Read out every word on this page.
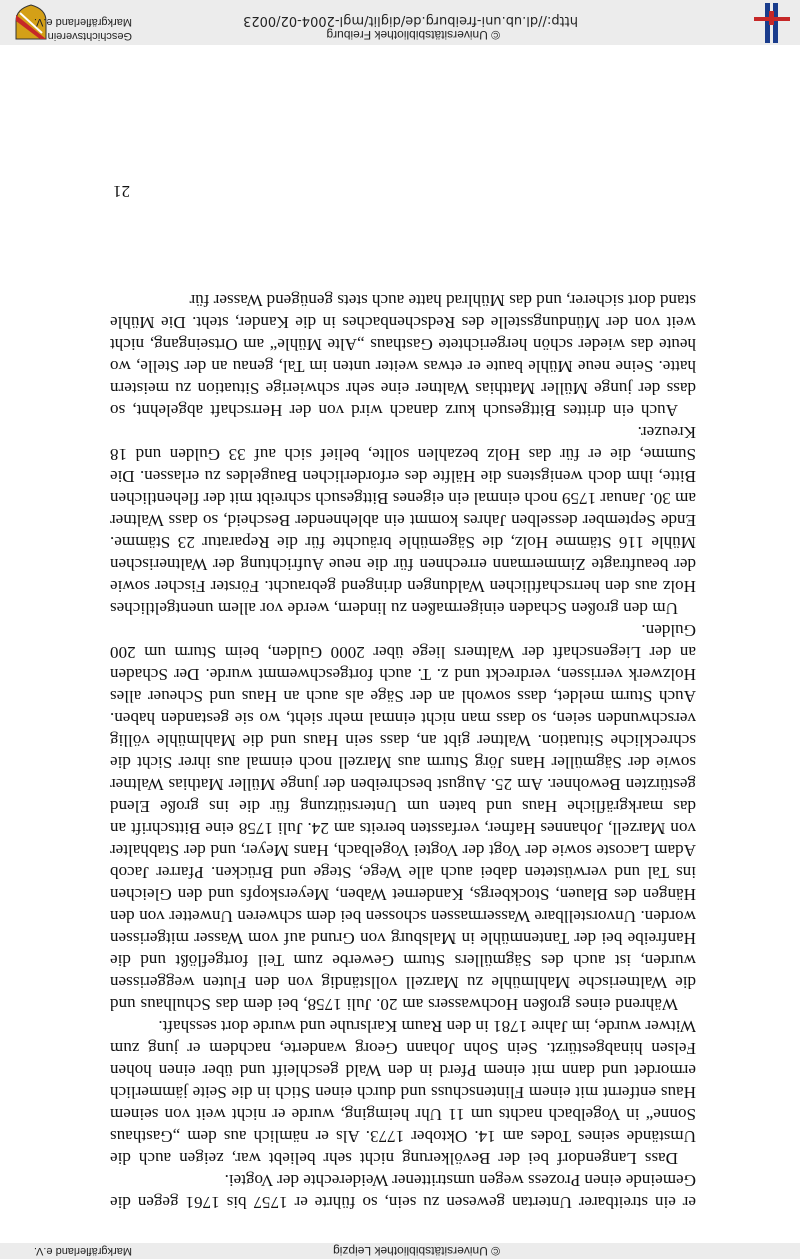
© Universitätsbibliothek Leipzig
Markgräflerland e.V.
Geschichtsverein
Markgräflerland e.V.	http://dl.ub.uni-freiburg.de/diglit/mgl-2004-02/0023
© Universitätsbibliothek Freiburg

er ein streitbarer Untertan gewesen zu sein, so führte er 1757 bis 1761 gegen die Gemeinde einen Prozess wegen umstrittener Weiderechte der Vogtei.

Dass Langendorf bei der Bevölkerung nicht sehr beliebt war, zeigen auch die Umstände seines Todes am 14. Oktober 1773. Als er nämlich aus dem „Gasthaus Sonne“ in Vogelbach nachts um 11 Uhr heimging, wurde er nicht weit von seinem Haus entfernt mit einem Flintenschuss und durch einen Stich in die Seite jämmerlich ermordet und dann mit einem Pferd in den Wald geschleift und über einen hohen Felsen hinabgestürzt. Sein Sohn Johann Georg wanderte, nachdem er jung zum Witwer wurde, im Jahre 1781 in den Raum Karlsruhe und wurde dort sesshaft.

Während eines großen Hochwassers am 20. Juli 1758, bei dem das Schulhaus und die Waltnerische Mahlmühle zu Marzell vollständig von den Fluten weggerissen wurden, ist auch des Sägmüllers Sturm Gewerbe zum Teil fortgeflößt und die Hanfreibe bei der Tantenmühle in Malsburg von Grund auf vom Wasser mitgerissen worden. Unvorstellbare Wassermassen schossen bei dem schweren Unwetter von den Hängen des Blauen, Stockbergs, Kandernet Waben, Meyerskopfs und den Gleichen ins Tal und verwüsteten dabei auch alle Wege, Stege und Brücken. Pfarrer Jacob Adam Lacoste sowie der Vogt der Vogtei Vogelbach, Hans Meyer, und der Stabhalter von Marzell, Johannes Hafner, verfassten bereits am 24. Juli 1758 eine Bittschrift an das markgräfliche Haus und baten um Unterstützung für die ins große Elend gestürzten Bewohner. Am 25. August beschreiben der junge Müller Mathias Waltner sowie der Sägmüller Hans Jörg Sturm aus Marzell noch einmal aus ihrer Sicht die schreckliche Situation. Waltner gibt an, dass sein Haus und die Mahlmühle völlig verschwunden seien, so dass man nicht einmal mehr sieht, wo sie gestanden haben. Auch Sturm meldet, dass sowohl an der Säge als auch an Haus und Scheuer alles Holzwerk verrissen, verdreckt und z. T. auch fortgeschwemmt wurde. Der Schaden an der Liegenschaft der Waltners liege über 2000 Gulden, beim Sturm um 200 Gulden.

Um den großen Schaden einigermaßen zu lindern, werde vor allem unentgeltliches Holz aus den herrschaftlichen Waldungen dringend gebraucht. Förster Fischer sowie der beauftragte Zimmermann errechnen für die neue Aufrichtung der Waltnerischen Mühle 116 Stämme Holz, die Sägemühle bräuchte für die Reparatur 23 Stämme. Ende September desselben Jahres kommt ein ablehnender Bescheid, so dass Waltner am 30. Januar 1759 noch einmal ein eigenes Bittgesuch schreibt mit der flehentlichen Bitte, ihm doch wenigstens die Hälfte des erforderlichen Baugeldes zu erlassen. Die Summe, die er für das Holz bezahlen sollte, belief sich auf 33 Gulden und 18 Kreuzer.

Auch ein drittes Bittgesuch kurz danach wird von der Herrschaft abgelehnt, so dass der junge Müller Matthias Waltner eine sehr schwierige Situation zu meistern hatte. Seine neue Mühle baute er etwas weiter unten im Tal, genau an der Stelle, wo heute das wieder schön hergerichtete Gasthaus „Alte Mühle“ am Ortseingang, nicht weit von der Mündungsstelle des Redschenbaches in die Kander, steht. Die Mühle stand dort sicherer, und das Mühlrad hatte auch stets genügend Wasser für

21
